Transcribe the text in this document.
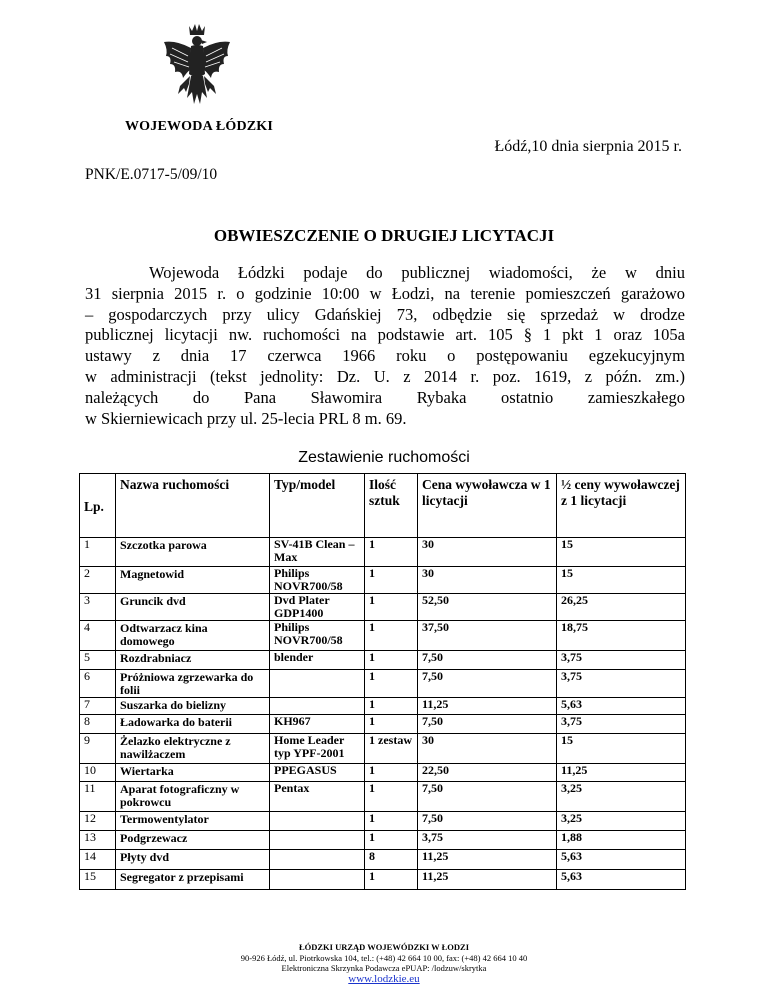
WOJEWODA ŁÓDZKI
Łódź,10 dnia sierpnia 2015 r.
PNK/E.0717-5/09/10
OBWIESZCZENIE O DRUGIEJ LICYTACJI

Wojewoda Łódzki podaje do publicznej wiadomości, że w dniu
31 sierpnia 2015 r. o godzinie 10:00 w Łodzi, na terenie pomieszczeń garażowo
– gospodarczych przy ulicy Gdańskiej 73, odbędzie się sprzedaż w drodze
publicznej licytacji nw. ruchomości na podstawie art. 105 § 1 pkt 1 oraz 105a
ustawy z dnia 17 czerwca 1966 roku o postępowaniu egzekucyjnym
w administracji (tekst jednolity: Dz. U. z 2014 r. poz. 1619, z późn. zm.)
należących do Pana Sławomira Rybaka ostatnio zamieszkałego
w Skierniewicach przy ul. 25-lecia PRL 8 m. 69.

Zestawienie ruchomości
Lp.	Nazwa ruchomości	Typ/model	Ilość sztuk	Cena wywoławcza w 1 licytacji	½ ceny wywoławczej z 1 licytacji
1	Szczotka parowa	SV-41B Clean – Max	1	30	15
2	Magnetowid	Philips NOVR700/58	1	30	15
3	Gruncik dvd	Dvd Plater GDP1400	1	52,50	26,25
4	Odtwarzacz kina domowego	Philips NOVR700/58	1	37,50	18,75
5	Rozdrabniacz	blender	1	7,50	3,75
6	Próżniowa zgrzewarka do folii		1	7,50	3,75
7	Suszarka do bielizny		1	11,25	5,63
8	Ładowarka do baterii	KH967	1	7,50	3,75
9	Żelazko elektryczne z nawilżaczem	Home Leader typ YPF-2001	1 zestaw	30	15
10	Wiertarka	PPEGASUS	1	22,50	11,25
11	Aparat fotograficzny w pokrowcu	Pentax	1	7,50	3,25
12	Termowentylator		1	7,50	3,25
13	Podgrzewacz		1	3,75	1,88
14	Płyty dvd		8	11,25	5,63
15	Segregator z przepisami		1	11,25	5,63
ŁÓDZKI URZĄD WOJEWÓDZKI W ŁODZI
90-926 Łódź, ul. Piotrkowska 104, tel.: (+48) 42 664 10 00, fax: (+48) 42 664 10 40
Elektroniczna Skrzynka Podawcza ePUAP: /lodzuw/skrytka
www.lodzkie.eu
